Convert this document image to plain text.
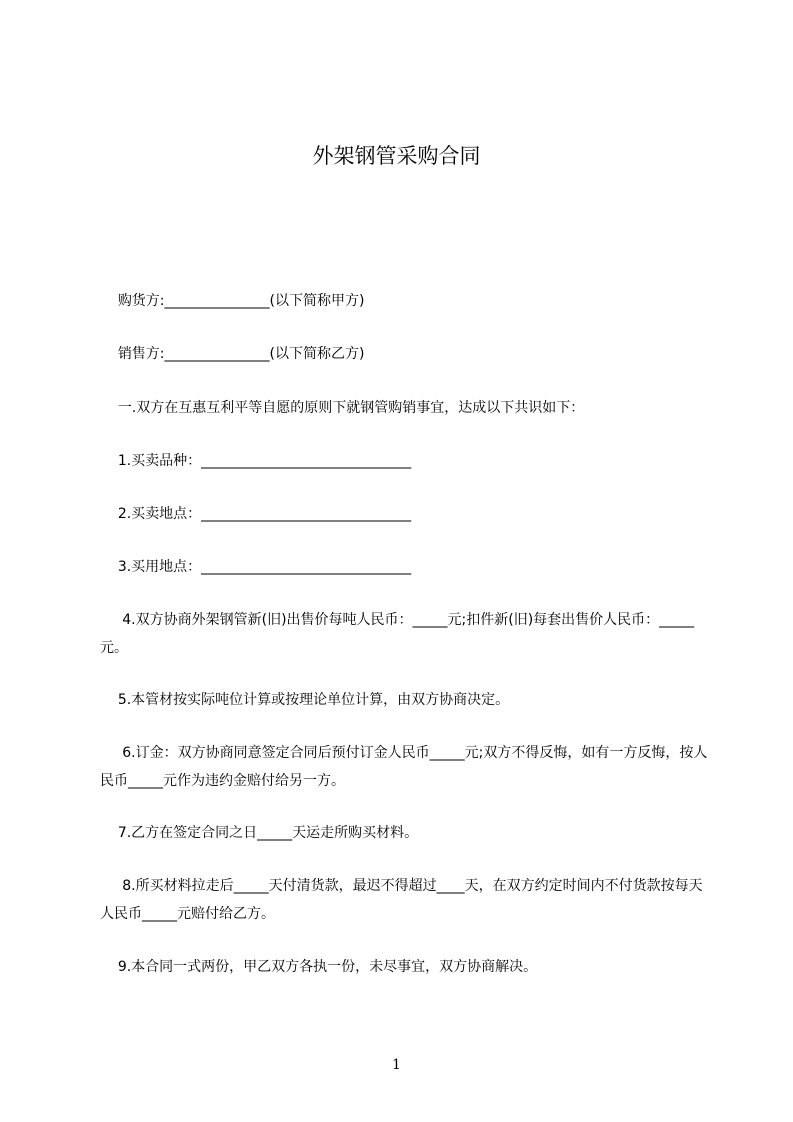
外架钢管采购合同
购货方:_______________(以下简称甲方)
销售方:_______________(以下简称乙方)
一.双方在互惠互利平等自愿的原则下就钢管购销事宜，达成以下共识如下：
1.买卖品种：______________________________
2.买卖地点：______________________________
3.买用地点：______________________________
4.双方协商外架钢管新(旧)出售价每吨人民币：_____元;扣件新(旧)每套出售价人民币：_____元。
5.本管材按实际吨位计算或按理论单位计算，由双方协商决定。
6.订金：双方协商同意签定合同后预付订金人民币_____元;双方不得反悔，如有一方反悔，按人民币_____元作为违约金赔付给另一方。
7.乙方在签定合同之日_____天运走所购买材料。
8.所买材料拉走后_____天付清货款，最迟不得超过____天，在双方约定时间内不付货款按每天人民币_____元赔付给乙方。
9.本合同一式两份，甲乙双方各执一份，未尽事宜，双方协商解决。
1
